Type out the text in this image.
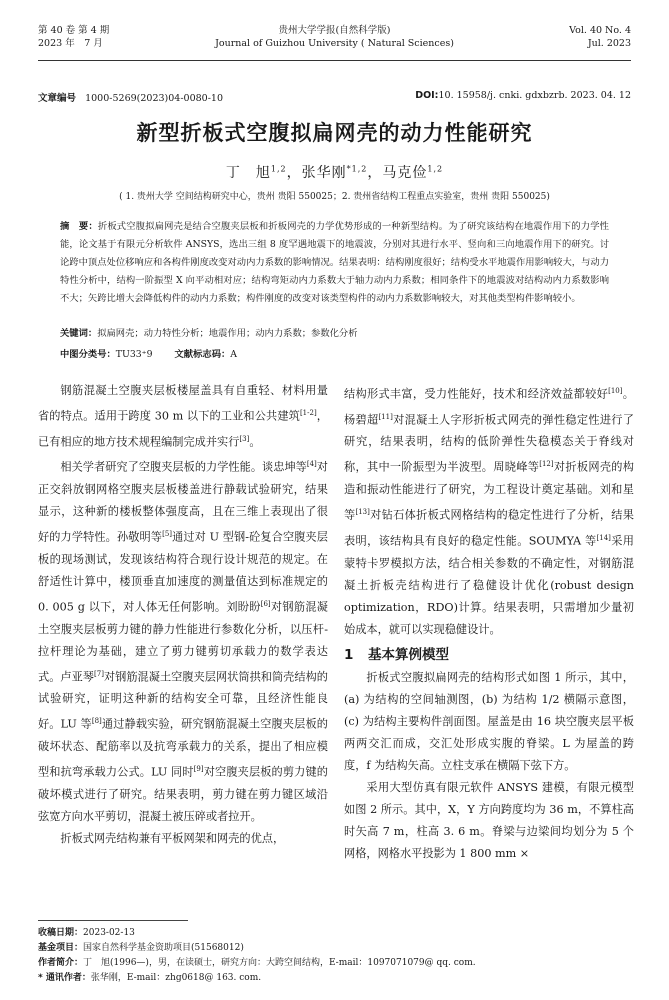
第 40 卷 第 4 期
2023 年　7 月
贵州大学学报(自然科学版)
Journal of Guizhou University ( Natural Sciences)
Vol. 40 No. 4
Jul. 2023
文章编号 1000-5269(2023)04-0080-10	DOI:10. 15958/j. cnki. gdxbzrb. 2023. 04. 12
新型折板式空腹拟扁网壳的动力性能研究
丁　旭$^{1,2}$，张华刚$^{*1,2}$，马克俭$^{1,2}$
( 1. 贵州大学 空间结构研究中心，贵州 贵阳 550025；2. 贵州省结构工程重点实验室，贵州 贵阳 550025)

摘　要：折板式空腹拟扁网壳是结合空腹夹层板和折板网壳的力学优势形成的一种新型结构。为了研究该结构在地震作用下的力学性能，论文基于有限元分析软件 ANSYS，选出三组 8 度罕遇地震下的地震波，分别对其进行水平、竖向和三向地震作用下的研究。讨论跨中顶点处位移响应和各构件刚度改变对动内力系数的影响情况。结果表明：结构刚度很好；结构受水平地震作用影响较大，与动力特性分析中，结构一阶振型 X 向平动相对应；结构弯矩动内力系数大于轴力动内力系数；相同条件下的地震波对结构动内力系数影响不大；矢跨比增大会降低构件的动内力系数；构件刚度的改变对该类型构件的动内力系数影响较大，对其他类型构件影响较小。

关键词：拟扁网壳；动力特性分析；地震作用；动内力系数；参数化分析
中图分类号：TU33⁺9 文献标志码：A

钢筋混凝土空腹夹层板楼屋盖具有自重轻、材料用量省的特点。适用于跨度 30 m 以下的工业和公共建筑[1-2]，已有相应的地方技术规程编制完成并实行[3]。

相关学者研究了空腹夹层板的力学性能。谈忠坤等[4]对正交斜放钢网格空腹夹层板楼盖进行静载试验研究，结果显示，这种新的楼板整体强度高，且在三维上表现出了很好的力学特性。孙敬明等[5]通过对 U 型钢-砼复合空腹夹层板的现场测试，发现该结构符合现行设计规范的规定。在舒适性计算中，楼顶垂直加速度的测量值达到标准规定的 0. 005 g 以下，对人体无任何影响。刘盼盼[6]对钢筋混凝土空腹夹层板剪力键的静力性能进行参数化分析，以压杆-拉杆理论为基础，建立了剪力键剪切承载力的数学表达式。卢亚琴[7]对钢筋混凝土空腹夹层网状筒拱和筒壳结构的试验研究，证明这种新的结构安全可靠，且经济性能良好。LU 等[8]通过静载实验，研究钢筋混凝土空腹夹层板的破坏状态、配筋率以及抗弯承载力的关系，提出了相应模型和抗弯承载力公式。LU 同时[9]对空腹夹层板的剪力键的破坏模式进行了研究。结果表明，剪力键在剪力键区域沿弦宽方向水平剪切，混凝土被压碎或者拉开。

折板式网壳结构兼有平板网架和网壳的优点，

结构形式丰富，受力性能好，技术和经济效益都较好[10]。杨碧超[11]对混凝土人字形折板式网壳的弹性稳定性进行了研究，结果表明，结构的低阶弹性失稳模态关于脊线对称，其中一阶振型为半波型。周晓峰等[12]对折板网壳的构造和振动性能进行了研究，为工程设计奠定基础。刘和星等[13]对钻石体折板式网格结构的稳定性进行了分析，结果表明，该结构具有良好的稳定性能。SOUMYA 等[14]采用蒙特卡罗模拟方法，结合相关参数的不确定性，对钢筋混凝土折板壳结构进行了稳健设计优化(robust design optimization，RDO)计算。结果表明，只需增加少量初始成本，就可以实现稳健设计。

1 基本算例模型

折板式空腹拟扁网壳的结构形式如图 1 所示，其中，(a) 为结构的空间轴测图，(b) 为结构 1/2 横隔示意图，(c) 为结构主要构件剖面图。屋盖是由 16 块空腹夹层平板两两交汇而成，交汇处形成实腹的脊梁。L 为屋盖的跨度，f 为结构矢高。立柱支承在横隔下弦下方。

采用大型仿真有限元软件 ANSYS 建模，有限元模型如图 2 所示。其中，X，Y 方向跨度均为 36 m，不算柱高时矢高 7 m，柱高 3. 6 m。脊梁与边梁间均划分为 5 个网格，网格水平投影为 1 800 mm ×

收稿日期：2023-02-13
基金项目：国家自然科学基金资助项目(51568012)
作者简介：丁　旭(1996—)，男，在读硕士，研究方向：大跨空间结构，E-mail：1097071079@ qq. com.
* 通讯作者：张华刚，E-mail：zhg0618@ 163. com.
